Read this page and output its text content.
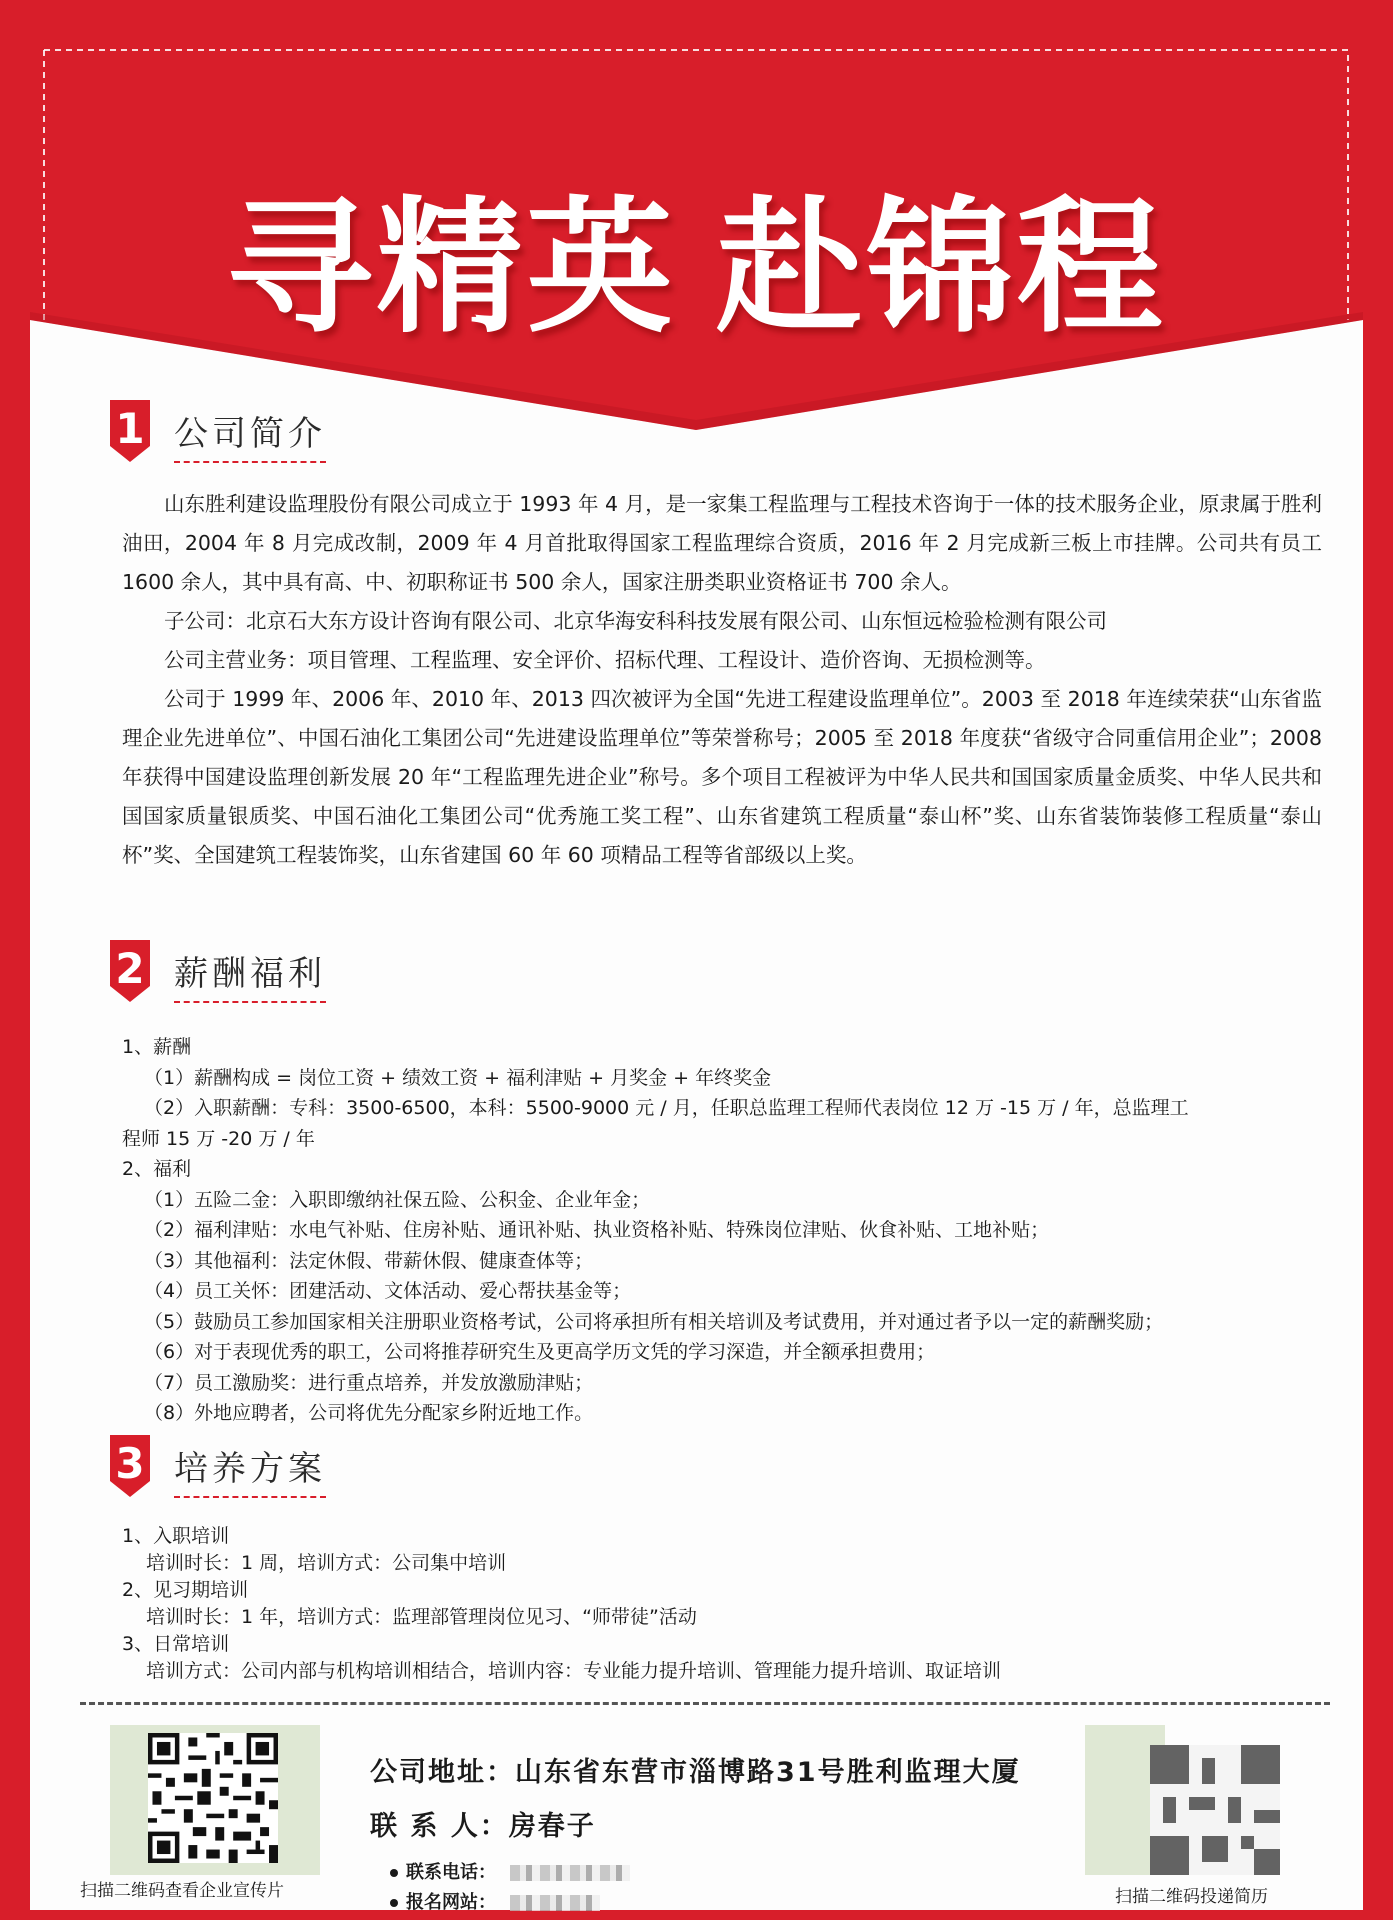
寻精英 赴锦程
1 公司简介

山东胜利建设监理股份有限公司成立于 1993 年 4 月，是一家集工程监理与工程技术咨询于一体的技术服务企业，原隶属于胜利油田，2004 年 8 月完成改制，2009 年 4 月首批取得国家工程监理综合资质，2016 年 2 月完成新三板上市挂牌。公司共有员工 1600 余人，其中具有高、中、初职称证书 500 余人，国家注册类职业资格证书 700 余人。

子公司：北京石大东方设计咨询有限公司、北京华海安科科技发展有限公司、山东恒远检验检测有限公司

公司主营业务：项目管理、工程监理、安全评价、招标代理、工程设计、造价咨询、无损检测等。

公司于 1999 年、2006 年、2010 年、2013 四次被评为全国“先进工程建设监理单位”。2003 至 2018 年连续荣获“山东省监理企业先进单位”、中国石油化工集团公司“先进建设监理单位”等荣誉称号；2005 至 2018 年度获“省级守合同重信用企业”；2008 年获得中国建设监理创新发展 20 年“工程监理先进企业”称号。多个项目工程被评为中华人民共和国国家质量金质奖、中华人民共和国国家质量银质奖、中国石油化工集团公司“优秀施工奖工程”、山东省建筑工程质量“泰山杯”奖、山东省装饰装修工程质量“泰山杯”奖、全国建筑工程装饰奖，山东省建国 60 年 60 项精品工程等省部级以上奖。

2 薪酬福利
1、薪酬
（1）薪酬构成 = 岗位工资 + 绩效工资 + 福利津贴 + 月奖金 + 年终奖金
（2）入职薪酬：专科：3500-6500，本科：5500-9000 元 / 月，任职总监理工程师代表岗位 12 万 -15 万 / 年，总监理工
程师 15 万 -20 万 / 年
2、福利
（1）五险二金：入职即缴纳社保五险、公积金、企业年金；
（2）福利津贴：水电气补贴、住房补贴、通讯补贴、执业资格补贴、特殊岗位津贴、伙食补贴、工地补贴；
（3）其他福利：法定休假、带薪休假、健康查体等；
（4）员工关怀：团建活动、文体活动、爱心帮扶基金等；
（5）鼓励员工参加国家相关注册职业资格考试，公司将承担所有相关培训及考试费用，并对通过者予以一定的薪酬奖励；
（6）对于表现优秀的职工，公司将推荐研究生及更高学历文凭的学习深造，并全额承担费用；
（7）员工激励奖：进行重点培养，并发放激励津贴；
（8）外地应聘者，公司将优先分配家乡附近地工作。
3 培养方案
1、入职培训
培训时长：1 周，培训方式：公司集中培训
2、见习期培训
培训时长：1 年，培训方式：监理部管理岗位见习、“师带徒”活动
3、日常培训
培训方式：公司内部与机构培训相结合，培训内容：专业能力提升培训、管理能力提升培训、取证培训
扫描二维码查看企业宣传片
公司地址：山东省东营市淄博路31号胜利监理大厦
联 系 人：房春子
联系电话：
报名网站：	扫描二维码投递简历
